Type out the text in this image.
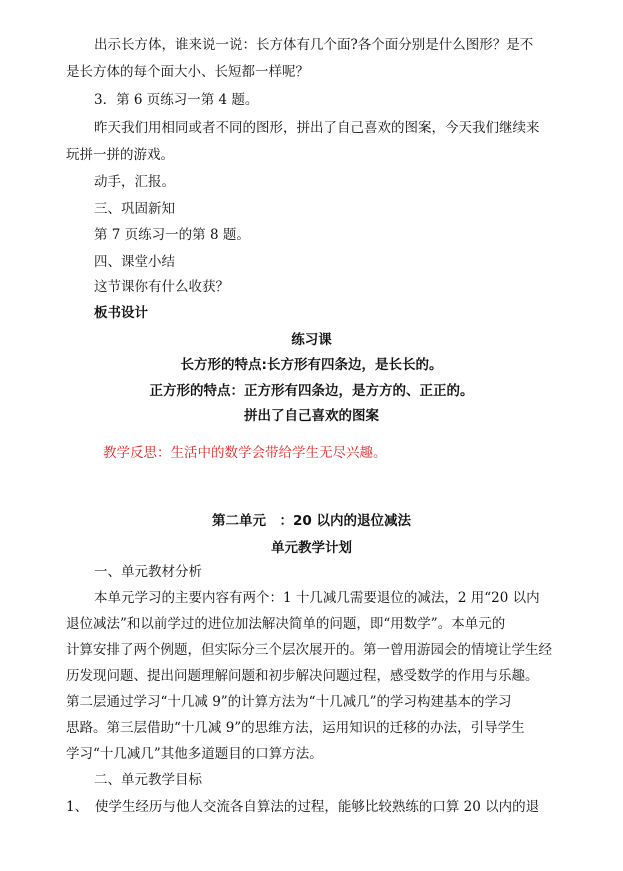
出示长方体，谁来说一说：长方体有几个面?各个面分别是什么图形？是不

是长方体的每个面大小、长短都一样呢？

3．第 6 页练习一第 4 题。

昨天我们用相同或者不同的图形，拼出了自己喜欢的图案，今天我们继续来

玩拼一拼的游戏。

动手，汇报。

三、巩固新知

第 7 页练习一的第 8 题。

四、课堂小结

这节课你有什么收获？

板书设计

练习课

长方形的特点:长方形有四条边，是长长的。

正方形的特点：正方形有四条边，是方方的、正正的。

拼出了自己喜欢的图案

教学反思：生活中的数学会带给学生无尽兴趣。

第二单元　：20 以内的退位减法

单元教学计划

一、单元教材分析

本单元学习的主要内容有两个：1 十几减几需要退位的减法，2 用“20 以内

退位减法”和以前学过的进位加法解决简单的问题，即“用数学”。本单元的

计算安排了两个例题，但实际分三个层次展开的。第一曾用游园会的情境让学生经

历发现问题、提出问题理解问题和初步解决问题过程，感受数学的作用与乐趣。

第二层通过学习“十几减 9”的计算方法为“十几减几”的学习构建基本的学习

思路。第三层借助“十几减 9”的思维方法，运用知识的迁移的办法，引导学生

学习“十几减几”其他多道题目的口算方法。

二、单元教学目标

1、　使学生经历与他人交流各自算法的过程，能够比较熟练的口算 20 以内的退
